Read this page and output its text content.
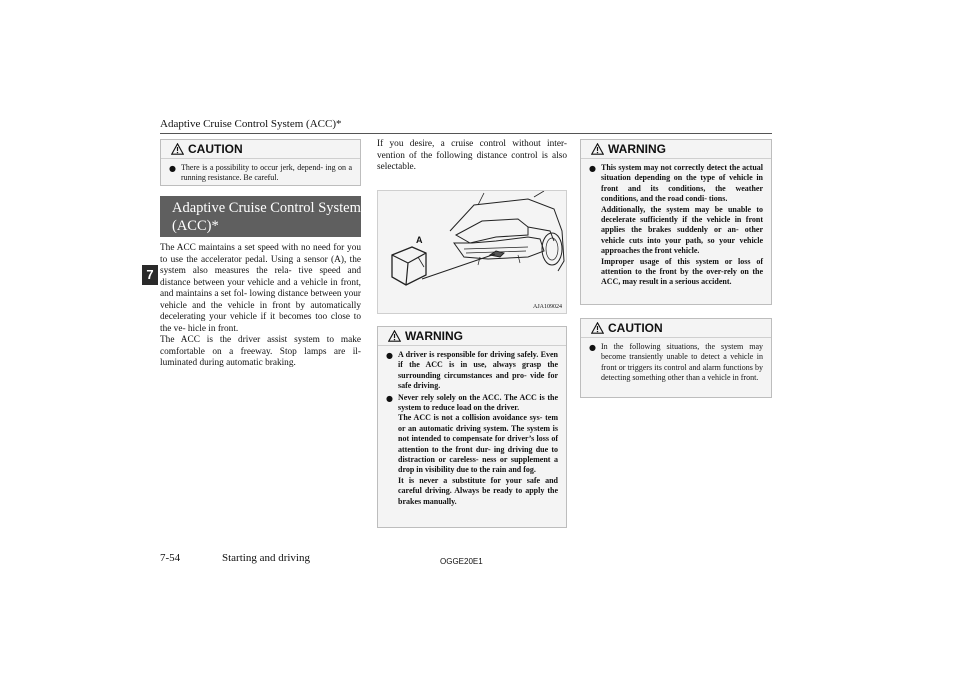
Adaptive Cruise Control System (ACC)*
7
CAUTION
● There is a possibility to occur jerk, depend- ing on a running resistance. Be careful.

Adaptive Cruise Control System (ACC)*

The ACC maintains a set speed with no need for you to use the accelerator pedal. Using a sensor (A), the system also measures the rela- tive speed and distance between your vehicle and a vehicle in front, and maintains a set fol- lowing distance between your vehicle and the vehicle in front by automatically decelerating your vehicle if it becomes too close to the ve- hicle in front.

The ACC is the driver assist system to make comfortable on a freeway. Stop lamps are il- luminated during automatic braking.

If you desire, a cruise control without inter- vention of the following distance control is also selectable.

A
AJA109024
WARNING
● A driver is responsible for driving safely. Even if the ACC is in use, always grasp the surrounding circumstances and pro- vide for safe driving.

● Never rely solely on the ACC. The ACC is the system to reduce load on the driver.

The ACC is not a collision avoidance sys- tem or an automatic driving system. The system is not intended to compensate for driver’s loss of attention to the front dur- ing driving due to distraction or careless- ness or supplement a drop in visibility due to the rain and fog.

It is never a substitute for your safe and careful driving. Always be ready to apply the brakes manually.

WARNING
● This system may not correctly detect the actual situation depending on the type of vehicle in front and its conditions, the weather conditions, and the road condi- tions.

Additionally, the system may be unable to decelerate sufficiently if the vehicle in front applies the brakes suddenly or an- other vehicle cuts into your path, so your vehicle approaches the front vehicle.

Improper usage of this system or loss of attention to the front by the over-rely on the ACC, may result in a serious accident.

CAUTION
● In the following situations, the system may become transiently unable to detect a vehicle in front or triggers its control and alarm functions by detecting something other than a vehicle in front.

7-54	Starting and driving	OGGE20E1
